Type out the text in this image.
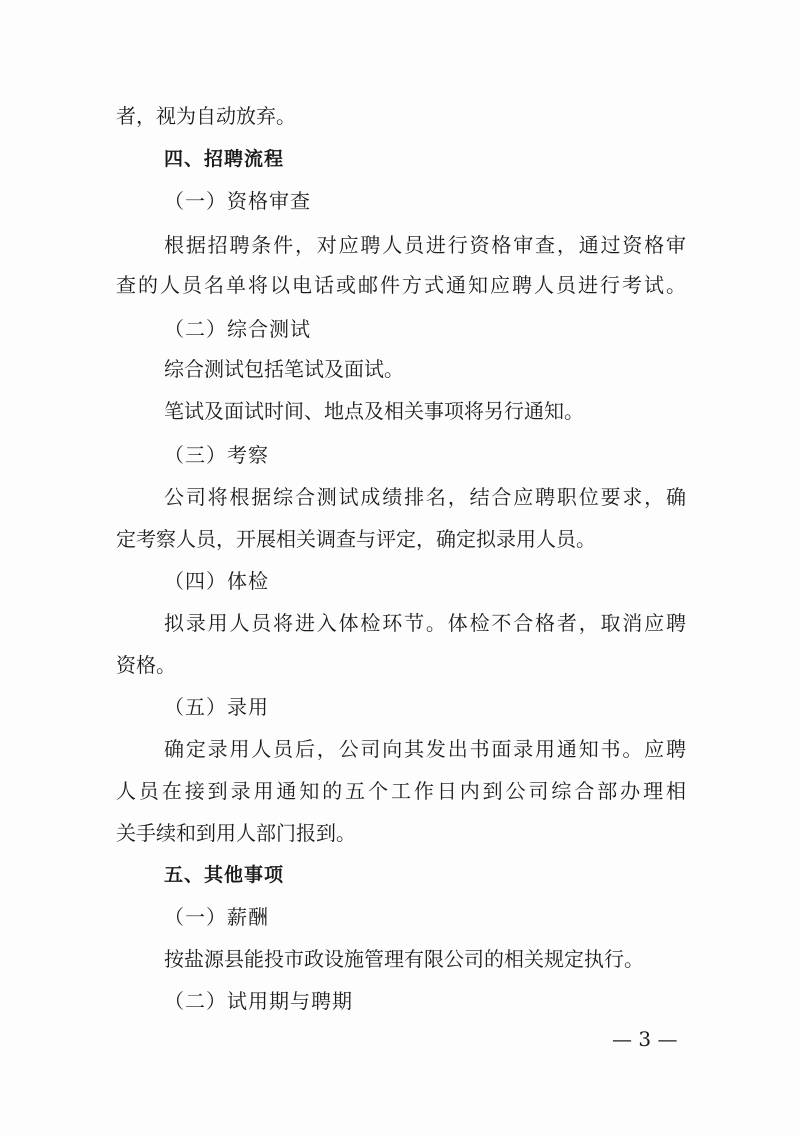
者，视为自动放弃。

四、招聘流程

（一）资格审查

根据招聘条件，对应聘人员进行资格审查，通过资格审

查的人员名单将以电话或邮件方式通知应聘人员进行考试。

（二）综合测试

综合测试包括笔试及面试。

笔试及面试时间、地点及相关事项将另行通知。

（三）考察

公司将根据综合测试成绩排名，结合应聘职位要求，确

定考察人员，开展相关调查与评定，确定拟录用人员。

（四）体检

拟录用人员将进入体检环节。体检不合格者，取消应聘

资格。

（五）录用

确定录用人员后，公司向其发出书面录用通知书。应聘

人员在接到录用通知的五个工作日内到公司综合部办理相

关手续和到用人部门报到。

五、其他事项

（一）薪酬

按盐源县能投市政设施管理有限公司的相关规定执行。

（二）试用期与聘期

— 3 —
